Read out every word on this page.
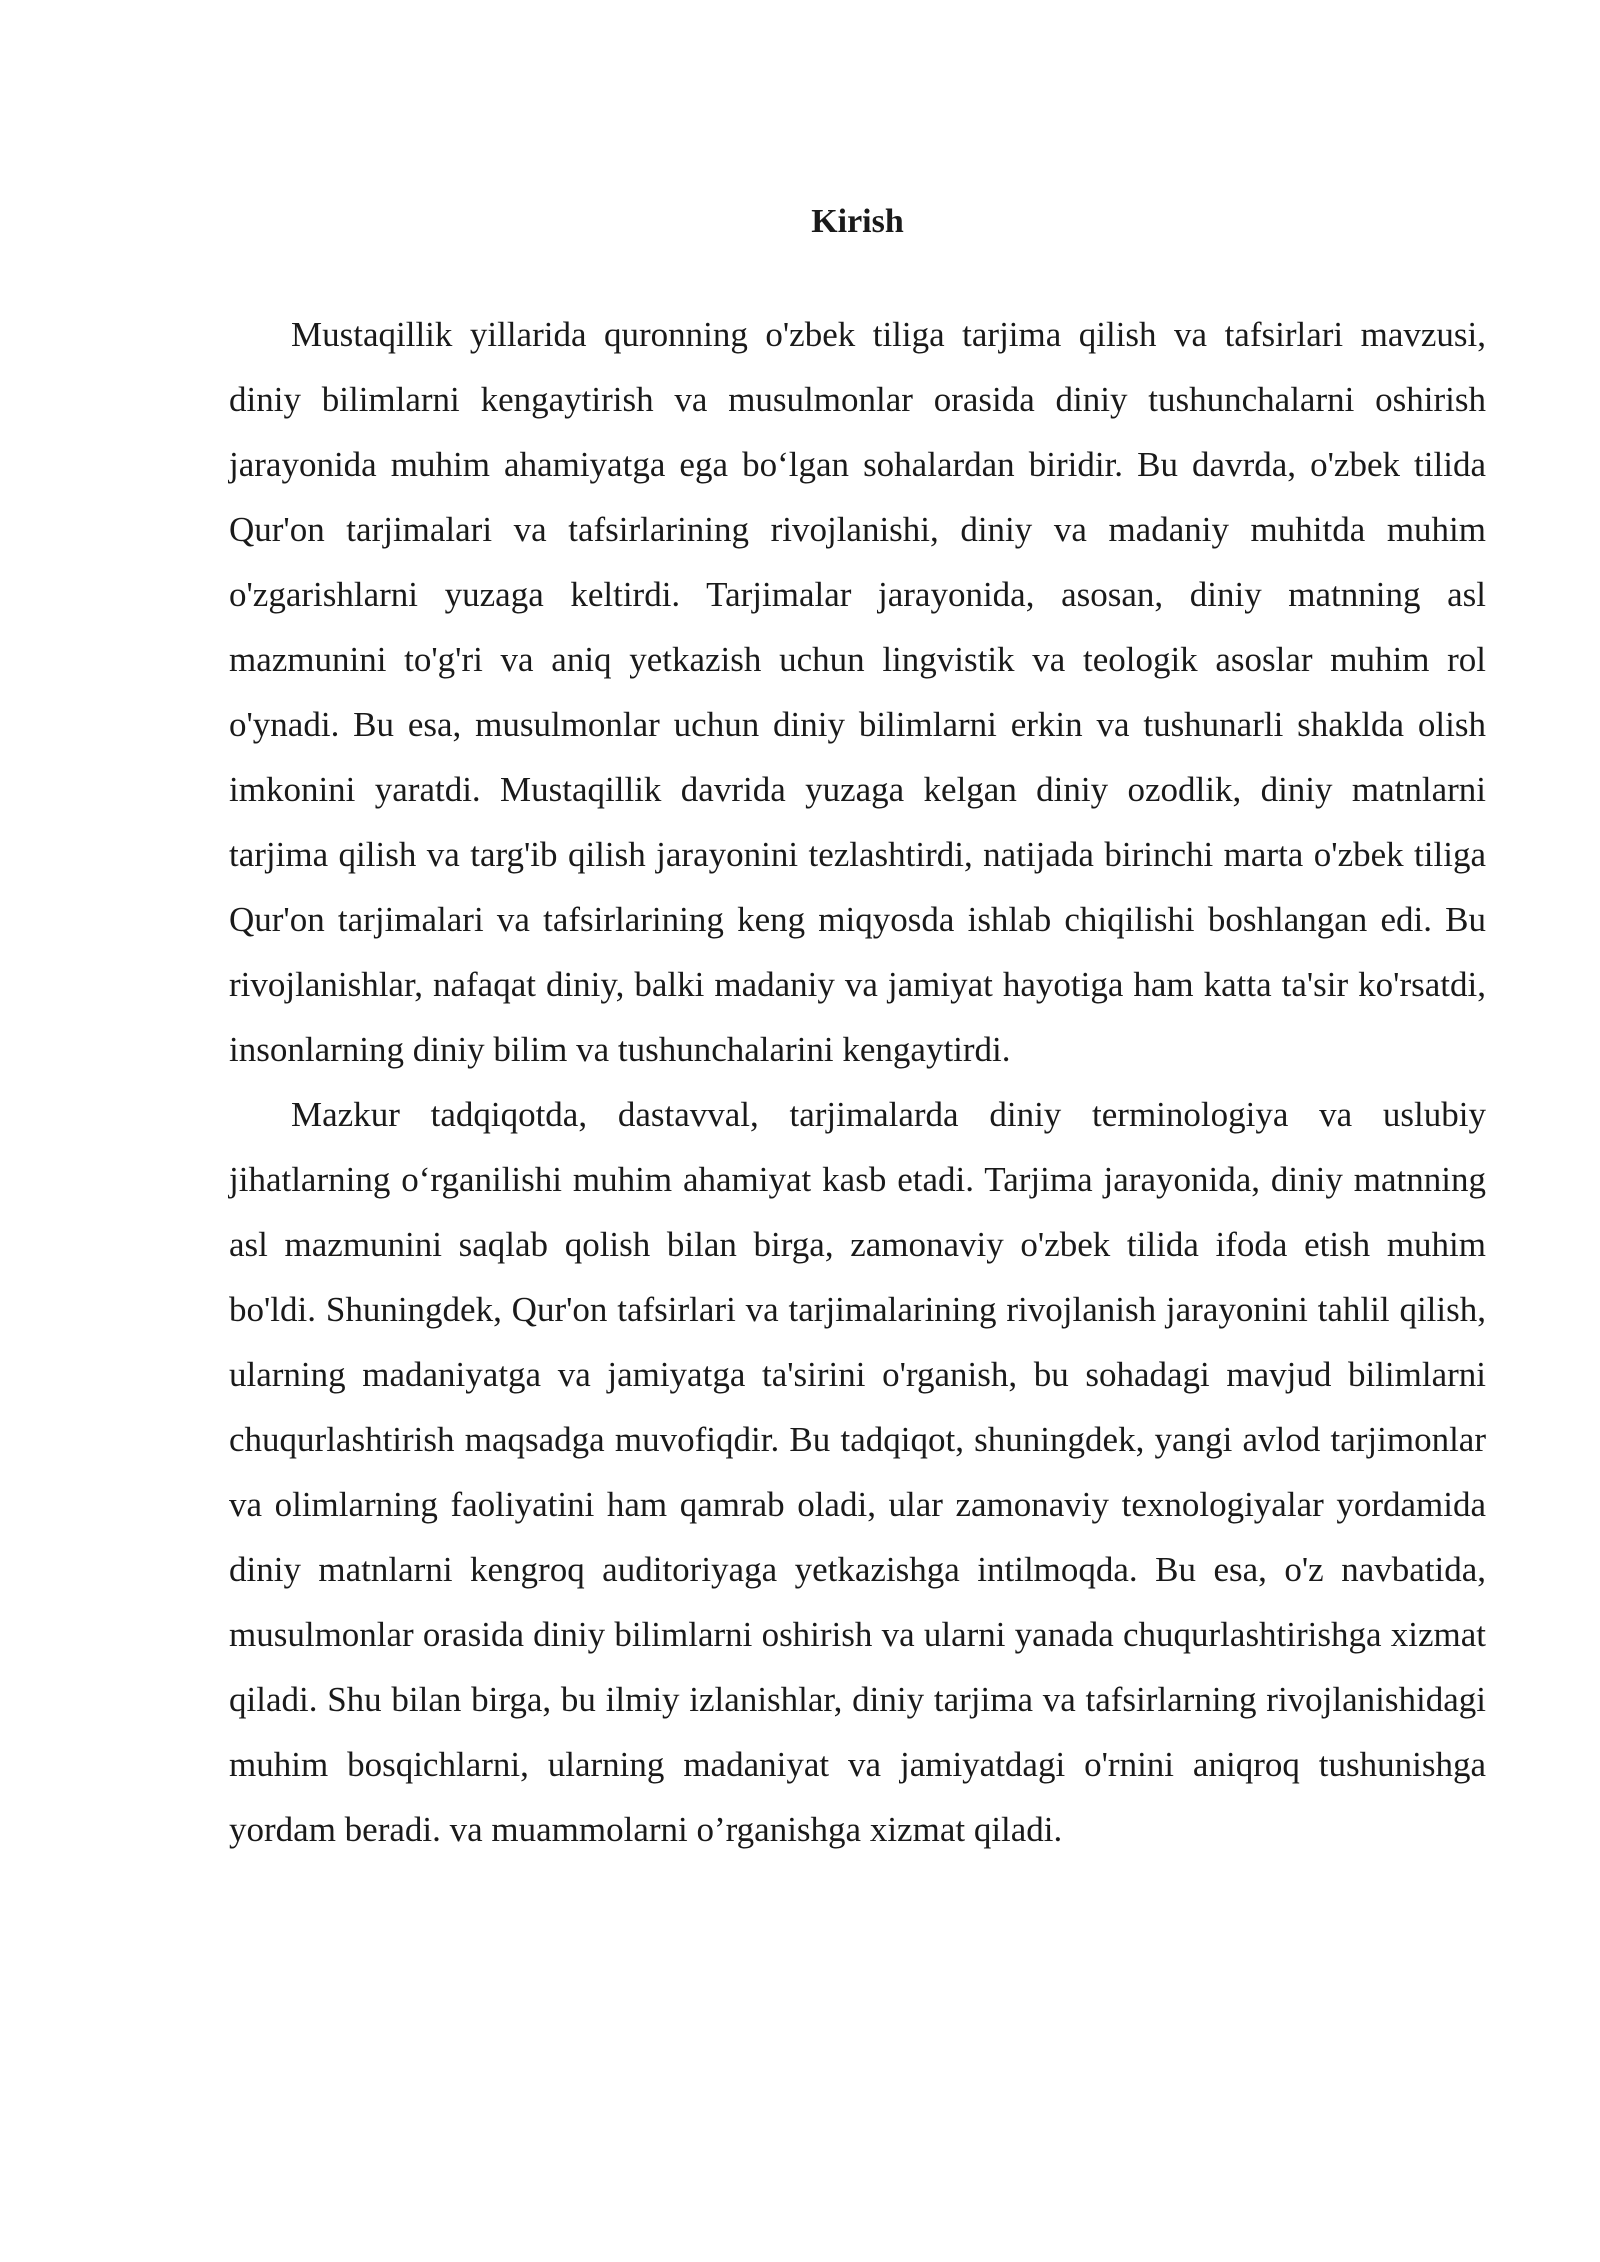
Kirish

Mustaqillik yillarida quronning o'zbek tiliga tarjima qilish va tafsirlari mavzusi, diniy bilimlarni kengaytirish va musulmonlar orasida diniy tushunchalarni oshirish jarayonida muhim ahamiyatga ega bo‘lgan sohalardan biridir. Bu davrda, o'zbek tilida Qur'on tarjimalari va tafsirlarining rivojlanishi, diniy va madaniy muhitda muhim o'zgarishlarni yuzaga keltirdi. Tarjimalar jarayonida, asosan, diniy matnning asl mazmunini to'g'ri va aniq yetkazish uchun lingvistik va teologik asoslar muhim rol o'ynadi. Bu esa, musulmonlar uchun diniy bilimlarni erkin va tushunarli shaklda olish imkonini yaratdi. Mustaqillik davrida yuzaga kelgan diniy ozodlik, diniy matnlarni tarjima qilish va targ'ib qilish jarayonini tezlashtirdi, natijada birinchi marta o'zbek tiliga Qur'on tarjimalari va tafsirlarining keng miqyosda ishlab chiqilishi boshlangan edi. Bu rivojlanishlar, nafaqat diniy, balki madaniy va jamiyat hayotiga ham katta ta'sir ko'rsatdi, insonlarning diniy bilim va tushunchalarini kengaytirdi.

Mazkur tadqiqotda, dastavval, tarjimalarda diniy terminologiya va uslubiy jihatlarning o‘rganilishi muhim ahamiyat kasb etadi. Tarjima jarayonida, diniy matnning asl mazmunini saqlab qolish bilan birga, zamonaviy o'zbek tilida ifoda etish muhim bo'ldi. Shuningdek, Qur'on tafsirlari va tarjimalarining rivojlanish jarayonini tahlil qilish, ularning madaniyatga va jamiyatga ta'sirini o'rganish, bu sohadagi mavjud bilimlarni chuqurlashtirish maqsadga muvofiqdir. Bu tadqiqot, shuningdek, yangi avlod tarjimonlar va olimlarning faoliyatini ham qamrab oladi, ular zamonaviy texnologiyalar yordamida diniy matnlarni kengroq auditoriyaga yetkazishga intilmoqda. Bu esa, o'z navbatida, musulmonlar orasida diniy bilimlarni oshirish va ularni yanada chuqurlashtirishga xizmat qiladi. Shu bilan birga, bu ilmiy izlanishlar, diniy tarjima va tafsirlarning rivojlanishidagi muhim bosqichlarni, ularning madaniyat va jamiyatdagi o'rnini aniqroq tushunishga yordam beradi. va muammolarni o’rganishga xizmat qiladi.
